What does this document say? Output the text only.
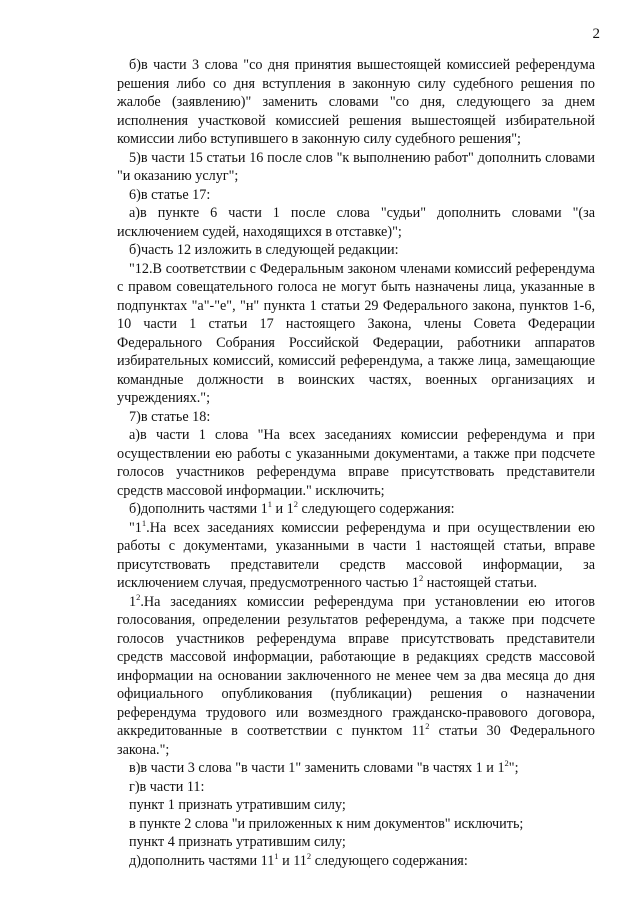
2

б)в части 3 слова "со дня принятия вышестоящей комиссией референдума решения либо со дня вступления в законную силу судебного решения по жалобе (заявлению)" заменить словами "со дня, следующего за днем исполнения участковой комиссией решения вышестоящей избирательной комиссии либо вступившего в законную силу судебного решения";

5)в части 15 статьи 16 после слов "к выполнению работ" дополнить словами "и оказанию услуг";

6)в статье 17:

а)в пункте 6 части 1 после слова "судьи" дополнить словами "(за исключением судей, находящихся в отставке)";

б)часть 12 изложить в следующей редакции:

"12.В соответствии с Федеральным законом членами комиссий референдума с правом совещательного голоса не могут быть назначены лица, указанные в подпунктах "а"-"е", "н" пункта 1 статьи 29 Федерального закона, пунктов 1-6, 10 части 1 статьи 17 настоящего Закона, члены Совета Федерации Федерального Собрания Российской Федерации, работники аппаратов избирательных комиссий, комиссий референдума, а также лица, замещающие командные должности в воинских частях, военных организациях и учреждениях.";

7)в статье 18:

а)в части 1 слова "На всех заседаниях комиссии референдума и при осуществлении ею работы с указанными документами, а также при подсчете голосов участников референдума вправе присутствовать представители средств массовой информации." исключить;

б)дополнить частями $1^1$ и $1^2$ следующего содержания:

"$1^1.На$ всех заседаниях комиссии референдума и при осуществлении ею работы с документами, указанными в части 1 настоящей статьи, вправе присутствовать представители средств массовой информации, за исключением случая, предусмотренного частью $1^2$ настоящей статьи.

$1^2.На$ заседаниях комиссии референдума при установлении ею итогов голосования, определении результатов референдума, а также при подсчете голосов участников референдума вправе присутствовать представители средств массовой информации, работающие в редакциях средств массовой информации на основании заключенного не менее чем за два месяца до дня официального опубликования (публикации) решения о назначении референдума трудового или возмездного гражданско-правового договора, аккредитованные в соответствии с пунктом $11^2$ статьи 30 Федерального закона.";

в)в части 3 слова "в части 1" заменить словами "в частях 1 и $1^2$";

г)в части 11:

пункт 1 признать утратившим силу;

в пункте 2 слова "и приложенных к ним документов" исключить;

пункт 4 признать утратившим силу;

д)дополнить частями $11^1$ и $11^2$ следующего содержания:
